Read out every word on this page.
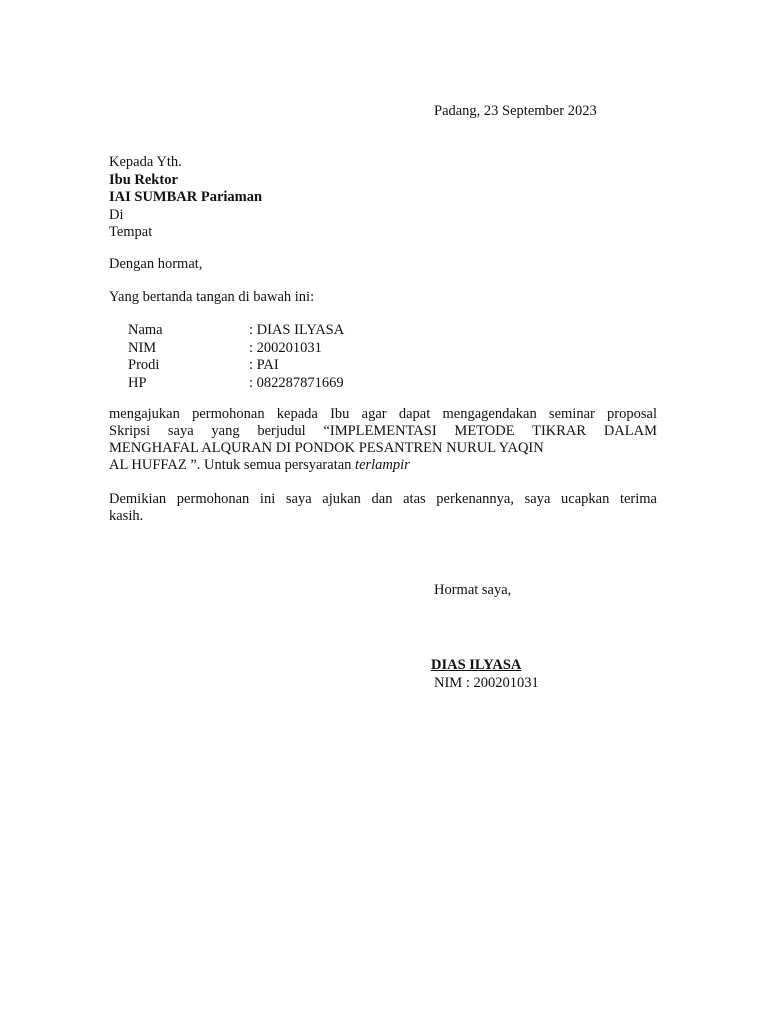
Padang, 23 September 2023
Kepada Yth.
Ibu Rektor
IAI SUMBAR Pariaman
Di
Tempat
Dengan hormat,
Yang bertanda tangan di bawah ini:
Nama	: DIAS ILYASA
NIM	: 200201031
Prodi	: PAI
HP	: 082287871669
mengajukan permohonan kepada Ibu agar dapat mengagendakan seminar proposal
Skripsi saya yang berjudul “IMPLEMENTASI METODE TIKRAR DALAM
MENGHAFAL ALQURAN DI PONDOK PESANTREN NURUL YAQIN
AL HUFFAZ ”. Untuk semua persyaratan terlampir
Demikian permohonan ini saya ajukan dan atas perkenannya, saya ucapkan terima
kasih.
Hormat saya,
DIAS ILYASA
NIM : 200201031
